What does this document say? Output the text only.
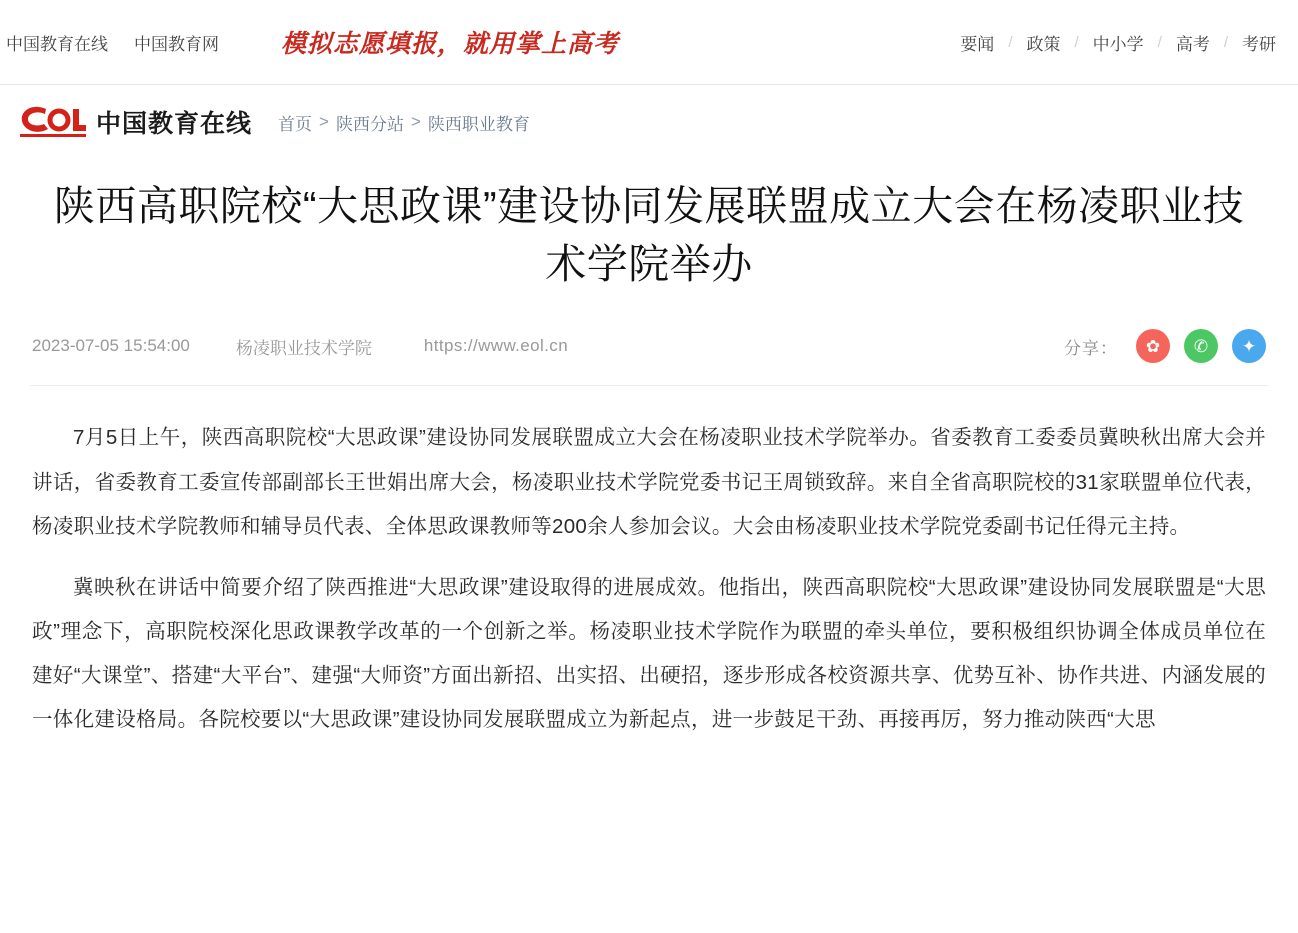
中国教育在线 中国教育网 模拟志愿填报，就用掌上高考	要闻 / 政策 / 中小学 / 高考 / 考研
中国教育在线 首页 > 陕西分站 > 陕西职业教育
陕西高职院校“大思政课”建设协同发展联盟成立大会在杨凌职业技术学院举办
2023-07-05 15:54:00	杨凌职业技术学院	https://www.eol.cn	分享：	✿	✆	✦

7月5日上午，陕西高职院校“大思政课”建设协同发展联盟成立大会在杨凌职业技术学院举办。省委教育工委委员冀映秋出席大会并讲话，省委教育工委宣传部副部长王世娟出席大会，杨凌职业技术学院党委书记王周锁致辞。来自全省高职院校的31家联盟单位代表，杨凌职业技术学院教师和辅导员代表、全体思政课教师等200余人参加会议。大会由杨凌职业技术学院党委副书记任得元主持。

冀映秋在讲话中简要介绍了陕西推进“大思政课”建设取得的进展成效。他指出，陕西高职院校“大思政课”建设协同发展联盟是“大思政”理念下，高职院校深化思政课教学改革的一个创新之举。杨凌职业技术学院作为联盟的牵头单位，要积极组织协调全体成员单位在建好“大课堂”、搭建“大平台”、建强“大师资”方面出新招、出实招、出硬招，逐步形成各校资源共享、优势互补、协作共进、内涵发展的一体化建设格局。各院校要以“大思政课”建设协同发展联盟成立为新起点，进一步鼓足干劲、再接再厉，努力推动陕西“大思
